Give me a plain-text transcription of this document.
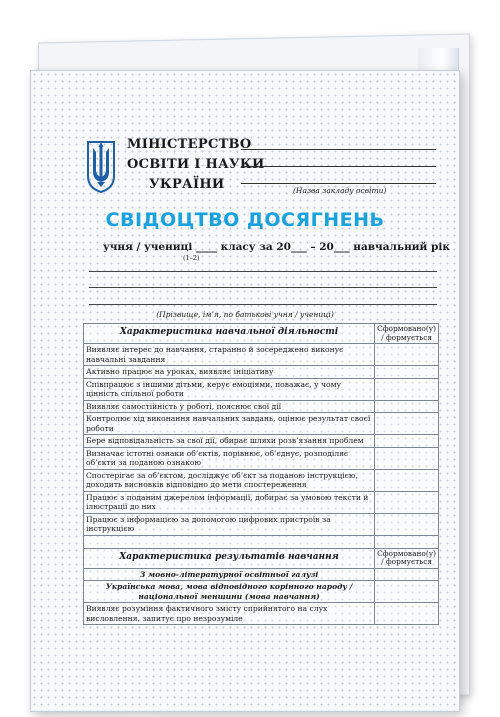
МІНІСТЕРСТВО
ОСВІТИ І НАУКИ
УКРАЇНИ	(Назва закладу освіти)
СВІДОЦТВО ДОСЯГНЕНЬ
учня / учениці ____ класу за 20___ – 20___ навчальний рік
(1–2)
(Прізвище, ім’я, по батькові учня / учениці)
Характеристика навчальної діяльності	Сформовано(у) / формується
Виявляє інтерес до навчання, старанно й зосереджено виконує навчальні завдання	
Активно працює на уроках, виявляє ініціативу	
Співпрацює з іншими дітьми, керує емоціями, поважає, у чому цінність спільної роботи	
Виявляє самостійність у роботі, пояснює свої дії	
Контролює хід виконання навчальних завдань, оцінює результат своєї роботи	
Бере відповідальність за свої дії, обирає шляхи розв’язання проблем	
Визначає істотні ознаки об’єктів, порівнює, об’єднує, розподіляє об’єкти за поданою ознакою	
Спостерігає за об’єктом, досліджує об’єкт за поданою інструкцією, доходить висновків відповідно до мети спостереження	
Працює з поданим джерелом інформації, добирає за умовою тексти й ілюстрації до них	
Працює з інформацією за допомогою цифрових пристроїв за інструкцією	

Характеристика результатів навчання	Сформовано(у) / формується
З мовно-літературної освітньої галузі	
Українська мова, мова відповідного корінного народу / національної меншини (мова навчання)	
Виявляє розуміння фактичного змісту сприйнятого на слух висловлення, запитує про незрозуміле	
